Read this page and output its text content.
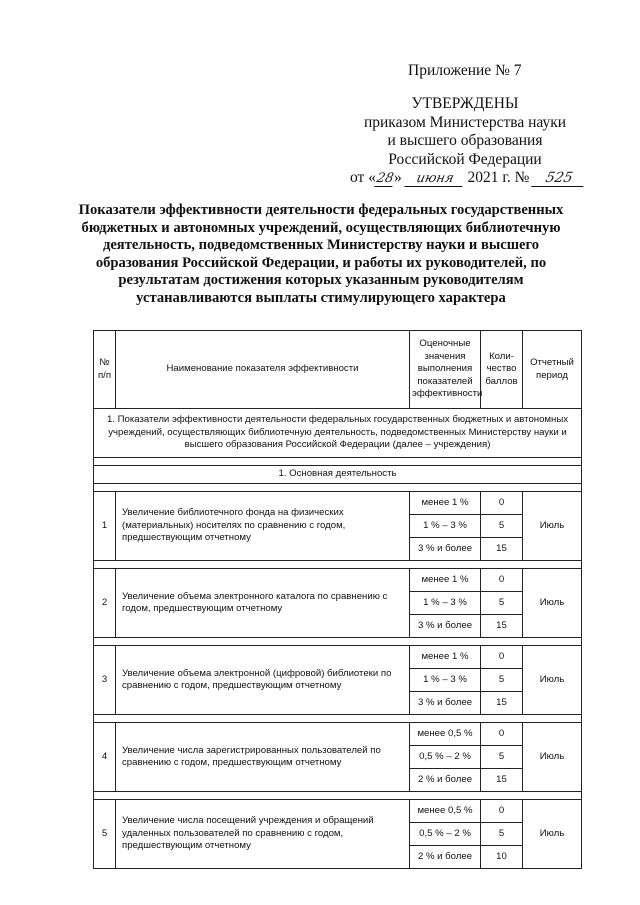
Приложение № 7
УТВЕРЖДЕНЫ
приказом Министерства науки
и высшего образования
Российской Федерации
от «28» июня 2021 г. № 525
Показатели эффективности деятельности федеральных государственных бюджетных и автономных учреждений, осуществляющих библиотечную деятельность, подведомственных Министерству науки и высшего образования Российской Федерации, и работы их руководителей, по результатам достижения которых указанным руководителям устанавливаются выплаты стимулирующего характера
№ п/п	Наименование показателя эффективности	Оценочные значения выполнения показателей эффективности	Коли-чество баллов	Отчетный период
1. Показатели эффективности деятельности федеральных государственных бюджетных и автономных учреждений, осуществляющих библиотечную деятельность, подведомственных Министерству науки и высшего образования Российской Федерации (далее – учреждения)				

1. Основная деятельность				

1	Увеличение библиотечного фонда на физических (материальных) носителях по сравнению с годом, предшествующим отчетному	менее 1 %	0	Июль
		1 % – 3 %	5	
		3 % и более	15	

2	Увеличение объема электронного каталога по сравнению с годом, предшествующим отчетному	менее 1 %	0	Июль
		1 % – 3 %	5	
		3 % и более	15	

3	Увеличение объема электронной (цифровой) библиотеки по сравнению с годом, предшествующим отчетному	менее 1 %	0	Июль
		1 % – 3 %	5	
		3 % и более	15	

4	Увеличение числа зарегистрированных пользователей по сравнению с годом, предшествующим отчетному	менее 0,5 %	0	Июль
		0,5 % – 2 %	5	
		2 % и более	15	

5	Увеличение числа посещений учреждения и обращений удаленных пользователей по сравнению с годом, предшествующим отчетному	менее 0,5 %	0	Июль
		0,5 % – 2 %	5	
		2 % и более	10	
